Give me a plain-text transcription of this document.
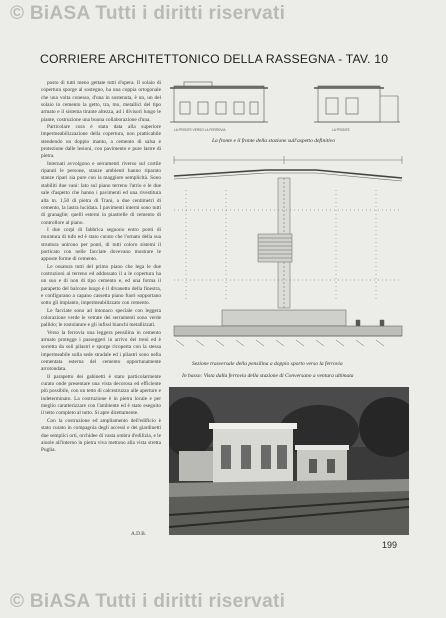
© BiASA Tutti i diritti riservati
CORRIERE ARCHITETTONICO DELLA RASSEGNA - TAV. 10

posto di tutti meno gettate tutti d'opera. Il solaio di copertura sporge al sostegno, ha una coppia ortogonale che una volta conesso, d'una in sostenuta, è un, un del solaio in cemento la getto, tra, mo, metallici del tipo armato e il sistema tirante altezza, ad i divisori lungo le piante, costruzione una buona collaborazione d'una.

Particolare cura è stata data alla superiore impermeabilizzazione della copertura, non pratticabile stendendo un doppio manto, a cemento di salsa e protezione dalle lesioni, con pavimento e pure lastre di pietra.

Internati avvolgono e serramenti riverso sul cortile riparati le persone, stanze ambienti hanno riparato stanze ripari sia pure con la maggiore semplicità. Sono stabiliti due vani: lato sul piano terreno l'atrio e le due sale d'aspetto che hanno i pavimenti ed una rivestitura alta m. 1,50 di pietra di Trani, a due centimetri di cemento, la lastra lucidata. I pavimenti interni sono tutti di granaglie; quelli esterni in piastrelle di cemento di controllore al piano.

I due corpi di fabbrica seguono entro ponti di muratura di tufo ed è stato curato che l'ornato della sua struttura unirono per ponti, di tutti coloro sistemi il porticato con nelle facciate dovevano mostrare le apposte forme di cemento.

Le ossatura tutti del primo piano che lega le due costruzioni al terreno ed addossato il a le copertura ha un suo e di non di tipo cemento e, ed una forma il parapetto del balcone lungo è il divanetto della finestra, e configurano a capano cassetta piano fuori sopportano sotto gli impianto, impermeabilizzato con cemento.

Le facciate sono ad intonaco speciale con leggera colorazione verde le vetrate dei serramenti sono verde pallido; le rostolature e gli infissi bianchi metallizzati.

Verso la ferrovia una leggera pensilina in cemento armato protegge i passeggeri in arrivo dei treni ed è sorretta da soli pilastri e sporge ricoperta con la stessa impermeabile sulla sede stradale ed i pilastri sono nella cementata esterna del cemento opportunamente arrotondata.

Il parapetto dei gabinetti è stato particolarmente curato onde presentare una vista decorosa ed efficiente più possibile, con un tetto di calcestruzzo alle aperture e indeterminato. La costruzione è in pietra locale e per meglio caratterizzare con l'ambiente ed è stato eseguito il tetto completo al tutto. Si apre direttamente.

Con la costruzione ed ampliamento dell'edificio è stato curato in compagnia degli accessi e dei giardinetti due semplici orti, orchidee di vasta ombra d'edilizia, e le aiuole all'interno in pietra viva mettono alla vista stretta Puglia.

A.D.B.
LA FRONTE VERSO LA FERROVIA	LA FRONTE
La fronte e il fronte della stazione sull'aspetto definitivo
Sezione trasversale della pensilina a doppio sporto verso la ferrovia
In basso: Vista dalla ferrovia della stazione di Conversano a ventura ultimata
199
© BiASA Tutti i diritti riservati
